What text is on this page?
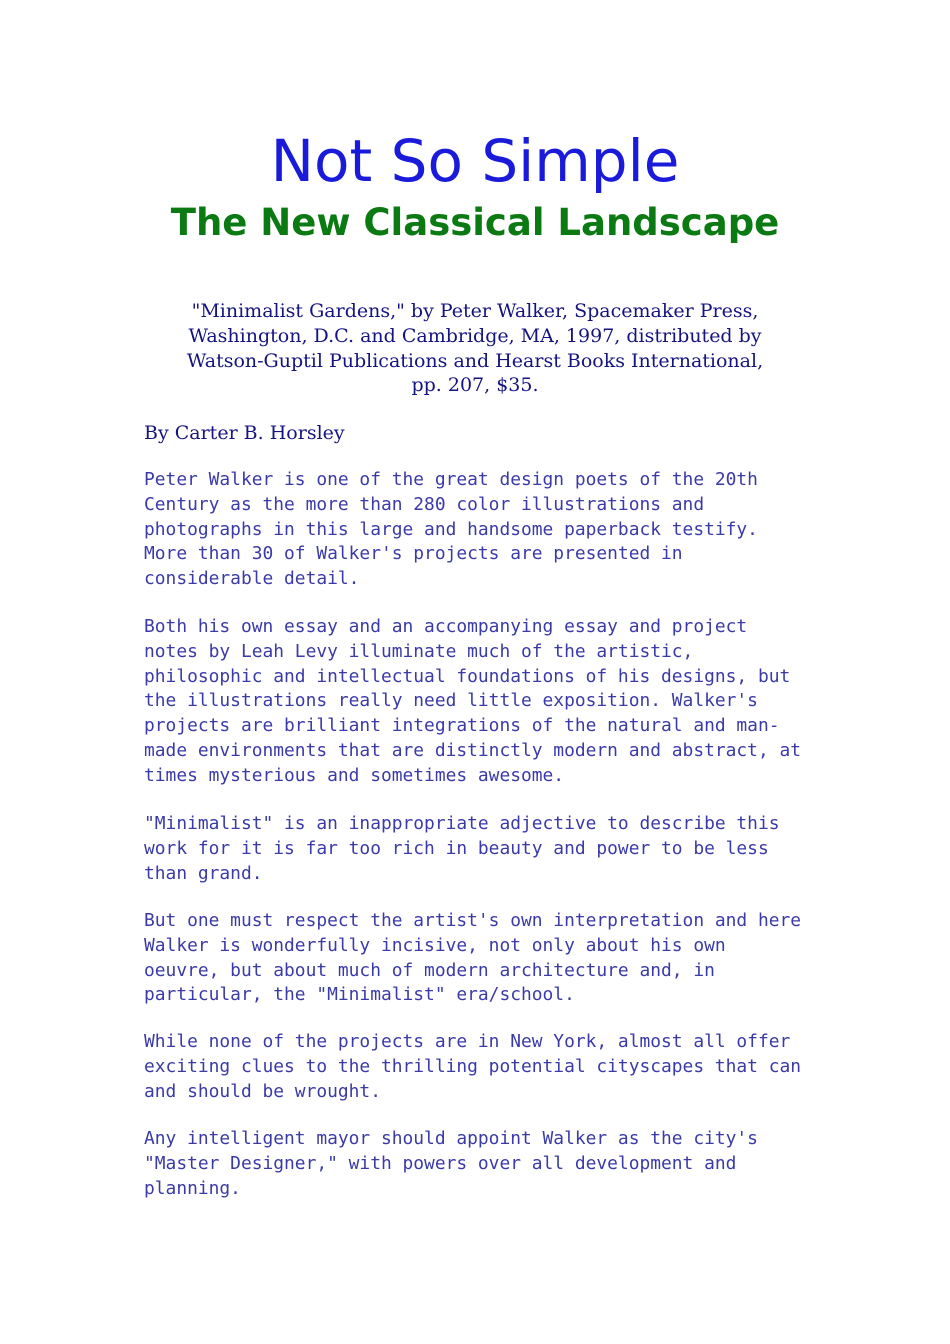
Not So Simple
The New Classical Landscape

"Minimalist Gardens," by Peter Walker, Spacemaker Press,
Washington, D.C. and Cambridge, MA, 1997, distributed by
Watson-Guptil Publications and Hearst Books International,
pp. 207, $35.

By Carter B. Horsley

Peter Walker is one of the great design poets of the 20th
Century as the more than 280 color illustrations and
photographs in this large and handsome paperback testify.
More than 30 of Walker's projects are presented in
considerable detail.

Both his own essay and an accompanying essay and project
notes by Leah Levy illuminate much of the artistic,
philosophic and intellectual foundations of his designs, but
the illustrations really need little exposition. Walker's
projects are brilliant integrations of the natural and man-
made environments that are distinctly modern and abstract, at
times mysterious and sometimes awesome.

"Minimalist" is an inappropriate adjective to describe this
work for it is far too rich in beauty and power to be less
than grand.

But one must respect the artist's own interpretation and here
Walker is wonderfully incisive, not only about his own
oeuvre, but about much of modern architecture and, in
particular, the "Minimalist" era/school.

While none of the projects are in New York, almost all offer
exciting clues to the thrilling potential cityscapes that can
and should be wrought.

Any intelligent mayor should appoint Walker as the city's
"Master Designer," with powers over all development and
planning.
